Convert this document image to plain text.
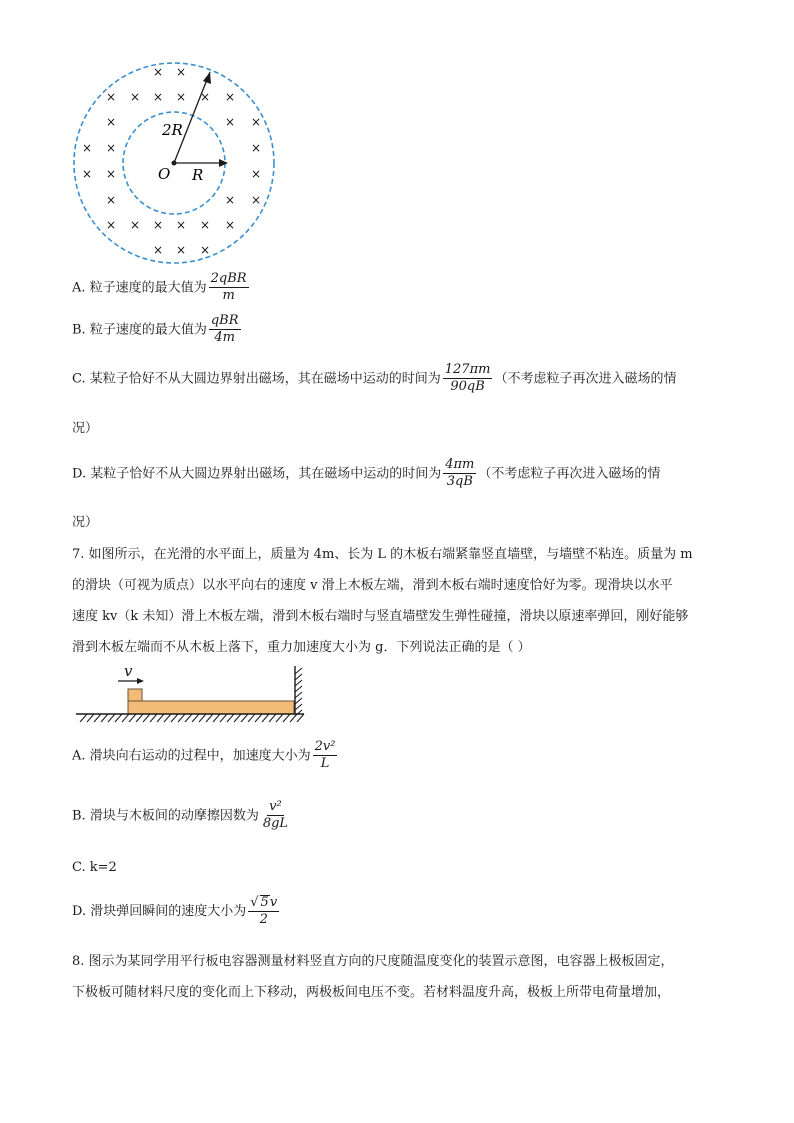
× ×
× × × × × ×
×	× ×
× ×	×
× ×	×
×	× ×
× × × × × ×
× × ×
2R
O R
A. 粒子速度的最大值为 $\frac{\text{2qBR}}{m}$
B. 粒子速度的最大值为 $\frac{\text{qBR}}{4m}$
C. 某粒子恰好不从大圆边界射出磁场，其在磁场中运动的时间为 $\frac{127\pi m}{90qB}$ （不考虑粒子再次进入磁场的情
况）
D. 某粒子恰好不从大圆边界射出磁场，其在磁场中运动的时间为 $\frac{4\pi m}{3qB}$ （不考虑粒子再次进入磁场的情
况）
7. 如图所示，在光滑的水平面上，质量为 4m、长为 L 的木板右端紧靠竖直墙壁，与墙壁不粘连。质量为 m
的滑块（可视为质点）以水平向右的速度 v 滑上木板左端，滑到木板右端时速度恰好为零。现滑块以水平
速度 kv（k 未知）滑上木板左端，滑到木板右端时与竖直墙壁发生弹性碰撞，滑块以原速率弹回，刚好能够
滑到木板左端而不从木板上落下，重力加速度大小为 g．下列说法正确的是（ ）
v
A. 滑块向右运动的过程中，加速度大小为 $\frac{\text{2v²}}{L}$
B. 滑块与木板间的动摩擦因数为 $\frac{\text{v²}}{8gL}$
C. k=2
D. 滑块弹回瞬间的速度大小为 $\frac{√ 5v}{2}$
8. 图示为某同学用平行板电容器测量材料竖直方向的尺度随温度变化的装置示意图，电容器上极板固定，
下极板可随材料尺度的变化而上下移动，两极板间电压不变。若材料温度升高，极板上所带电荷量增加，
